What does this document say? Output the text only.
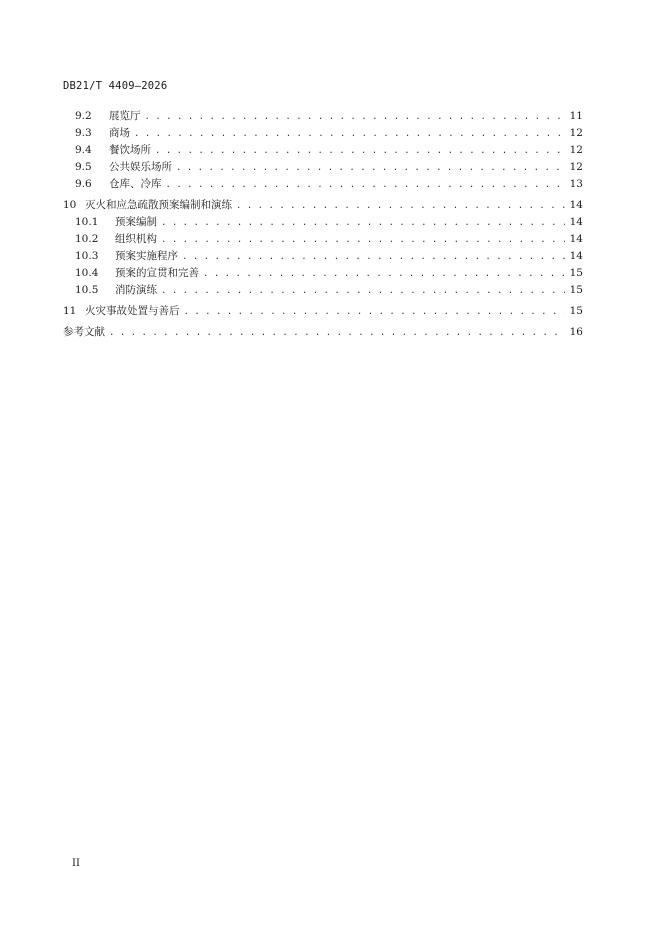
DB21/T 4409—2026
9.2	展览厅 . . .	11
9.3	商场 . . .	12
9.4	餐饮场所 . . .	12
9.5	公共娱乐场所 . . .	12
9.6	仓库、冷库 . . .	13
10 灭火和应急疏散预案编制和演练 . . .	14
10.1	预案编制 . . .	14
10.2	组织机构 . . .	14
10.3	预案实施程序 . . .	14
10.4	预案的宣贯和完善 . . .	15
10.5	消防演练 . . .	15
11 火灾事故处置与善后 . . .	15
参考文献 . . .	16
II
